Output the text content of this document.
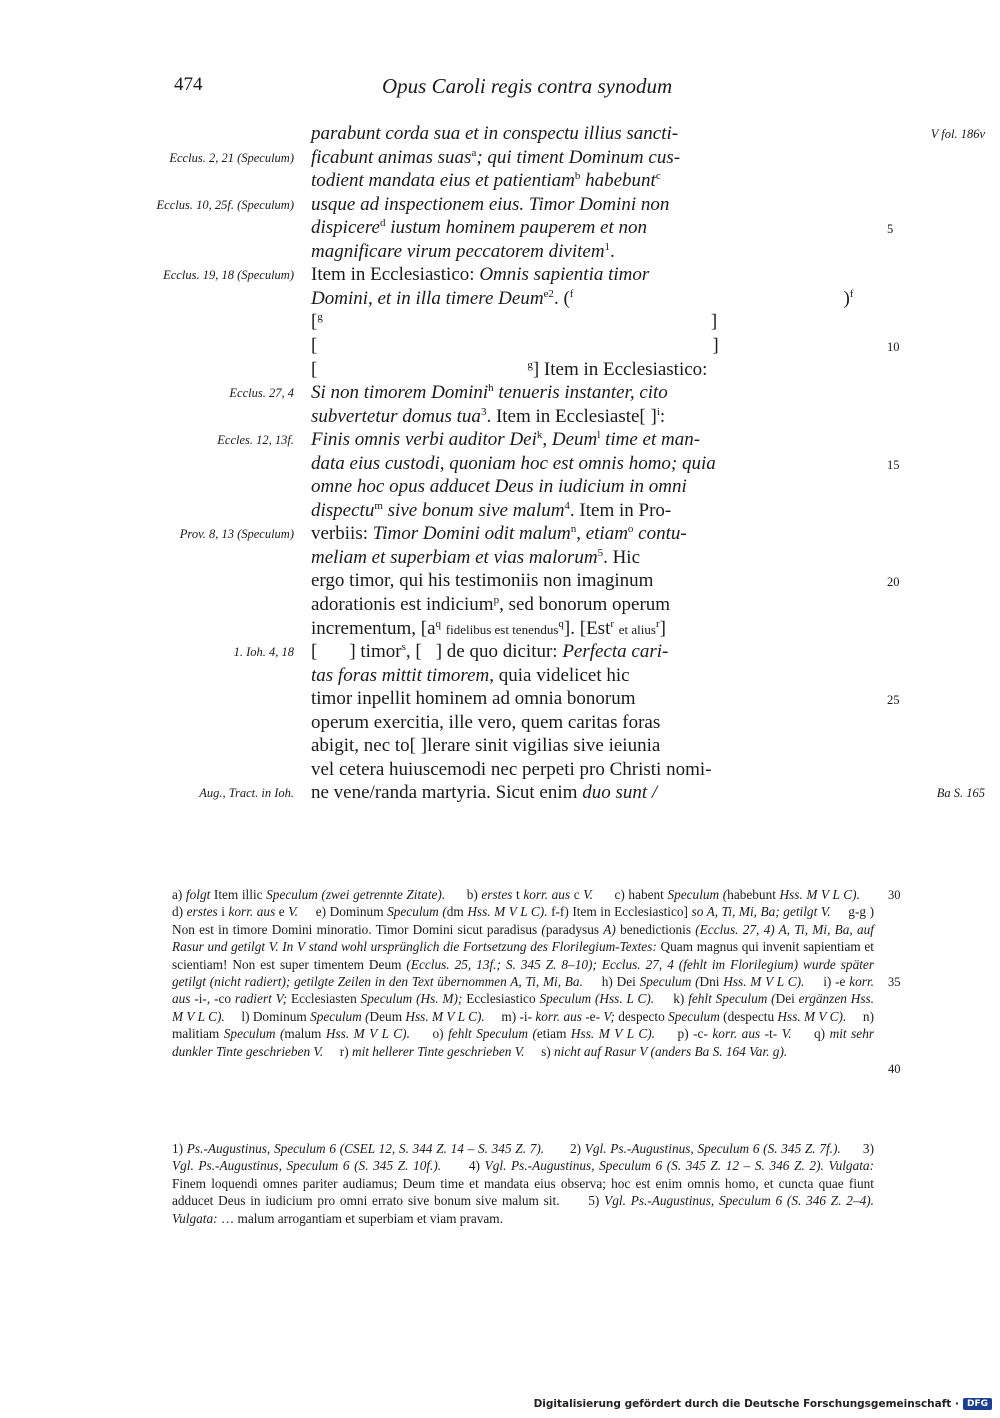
474	Opus Caroli regis contra synodum
parabunt corda sua et in conspectu illius sancti-
ficabunt animas suas$^a$; qui timent Dominum cus-
todient mandata eius et patientiam$^b$ habebunt$^c$
usque ad inspectionem eius. Timor Domini non
dispicere$^d$ iustum hominem pauperem et non
magnificare virum peccatorem divitem$^1$.
Item in Ecclesiastico: Omnis sapientia timor
Domini, et in illa timere Deum$^{e2}$. ($^f$	)$^f$
[$^g$	]
[	]
[	$^g$] Item in Ecclesiastico:
Si non timorem Domini$^h$ tenueris instanter, cito
subvertetur domus tua$^3$. Item in Ecclesiaste[ ]$^i$:
Finis omnis verbi auditor Dei$^k$, Deum$^l$ time et man-
data eius custodi, quoniam hoc est omnis homo; quia
omne hoc opus adducet Deus in iudicium in omni
dispectu$^m$ sive bonum sive malum$^4$. Item in Pro-
verbiis: Timor Domini odit malum$^n$, etiam$^o$ contu-
meliam et superbiam et vias malorum$^5$. Hic
ergo timor, qui his testimoniis non imaginum
adorationis est indicium$^p$, sed bonorum operum
incrementum, [$a^q$ fidelibus est tenendus$^q$]. [Est$^r$ et alius$^r$]
[ ] timor$^s$, [ ] de quo dicitur: Perfecta cari-
tas foras mittit timorem, quia videlicet hic
timor inpellit hominem ad omnia bonorum
operum exercitia, ille vero, quem caritas foras
abigit, nec to[ ]lerare sinit vigilias sive ieiunia
vel cetera huiuscemodi nec perpeti pro Christi nomi-
ne vene/randa martyria. Sicut enim duo sunt /
Ecclus. 2, 21 (Speculum)
Ecclus. 10, 25f. (Speculum)
Ecclus. 19, 18 (Speculum)
Ecclus. 27, 4
Eccles. 12, 13f.
Prov. 8, 13 (Speculum)
1. Ioh. 4, 18
Aug., Tract. in Ioh.
V fol. 186v
Ba S. 165
5
10
15
20
25

a) folgt Item illic Speculum (zwei getrennte Zitate).      b) erstes t korr. aus c V.      c) habent Speculum (habebunt Hss. M V L C).     d) erstes i korr. aus e V.     e) Dominum Speculum (dm Hss. M V L C). f-f) Item in Ecclesiastico] so A, Ti, Mi, Ba; getilgt V.     g-g ) Non est in timore Domini minoratio. Timor Domini sicut paradisus (paradysus A) benedictionis (Ecclus. 27, 4) A, Ti, Mi, Ba, auf Rasur und getilgt V. In V stand wohl ursprünglich die Fortsetzung des Florilegium-Textes: Quam magnus qui invenit sapientiam et scientiam! Non est super timentem Deum (Ecclus. 25, 13f.; S. 345 Z. 8–10); Ecclus. 27, 4 (fehlt im Florilegium) wurde später getilgt (nicht radiert); getilgte Zeilen in den Text übernommen A, Ti, Mi, Ba.     h) Dei Speculum (Dni Hss. M V L C).     i) -e korr. aus -i-, -co radiert V; Ecclesiasten Speculum (Hs. M); Ecclesiastico Speculum (Hss. L C).     k) fehlt Speculum (Dei ergänzen Hss. M V L C).     l) Dominum Speculum (Deum Hss. M V L C).     m) -i- korr. aus -e- V; despecto Speculum (despectu Hss. M V C).     n) malitiam Speculum (malum Hss. M V L C).     o) fehlt Speculum (etiam Hss. M V L C).     p) -c- korr. aus -t- V.     q) mit sehr dunkler Tinte geschrieben V.     r) mit hellerer Tinte geschrieben V.     s) nicht auf Rasur V (anders Ba S. 164 Var. g).

30
35
40

1) Ps.-Augustinus, Speculum 6 (CSEL 12, S. 344 Z. 14 – S. 345 Z. 7).       2) Vgl. Ps.-Augustinus, Speculum 6 (S. 345 Z. 7f.).      3) Vgl. Ps.-Augustinus, Speculum 6 (S. 345 Z. 10f.).      4) Vgl. Ps.-Augustinus, Speculum 6 (S. 345 Z. 12 – S. 346 Z. 2). Vulgata: Finem loquendi omnes pariter audiamus; Deum time et mandata eius observa; hoc est enim omnis homo, et cuncta quae fiunt adducet Deus in iudicium pro omni errato sive bonum sive malum sit.      5) Vgl. Ps.-Augustinus, Speculum 6 (S. 346 Z. 2–4). Vulgata: … malum arrogantiam et superbiam et viam pravam.

Digitalisierung gefördert durch die Deutsche Forschungsgemeinschaft · DFG
